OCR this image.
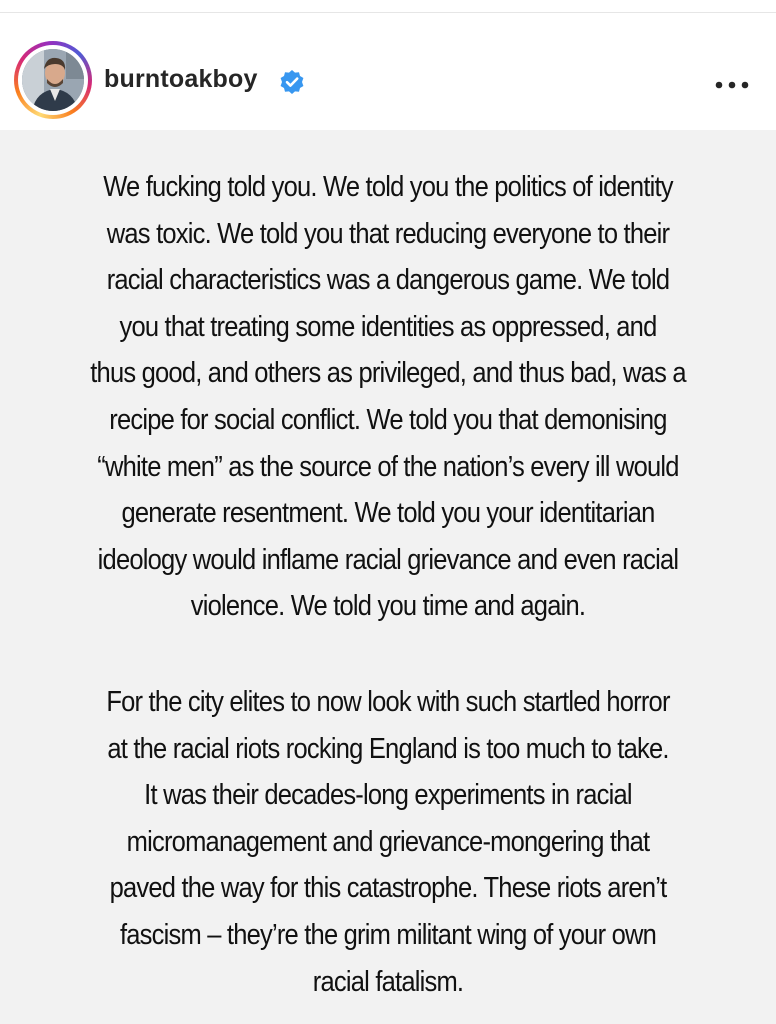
burntoakboy
We fucking told you. We told you the politics of identity
was toxic. We told you that reducing everyone to their
racial characteristics was a dangerous game. We told
you that treating some identities as oppressed, and
thus good, and others as privileged, and thus bad, was a
recipe for social conflict. We told you that demonising
“white men” as the source of the nation’s every ill would
generate resentment. We told you your identitarian
ideology would inflame racial grievance and even racial
violence. We told you time and again.
For the city elites to now look with such startled horror
at the racial riots rocking England is too much to take.
It was their decades-long experiments in racial
micromanagement and grievance-mongering that
paved the way for this catastrophe. These riots aren’t
fascism – they’re the grim militant wing of your own
racial fatalism.
